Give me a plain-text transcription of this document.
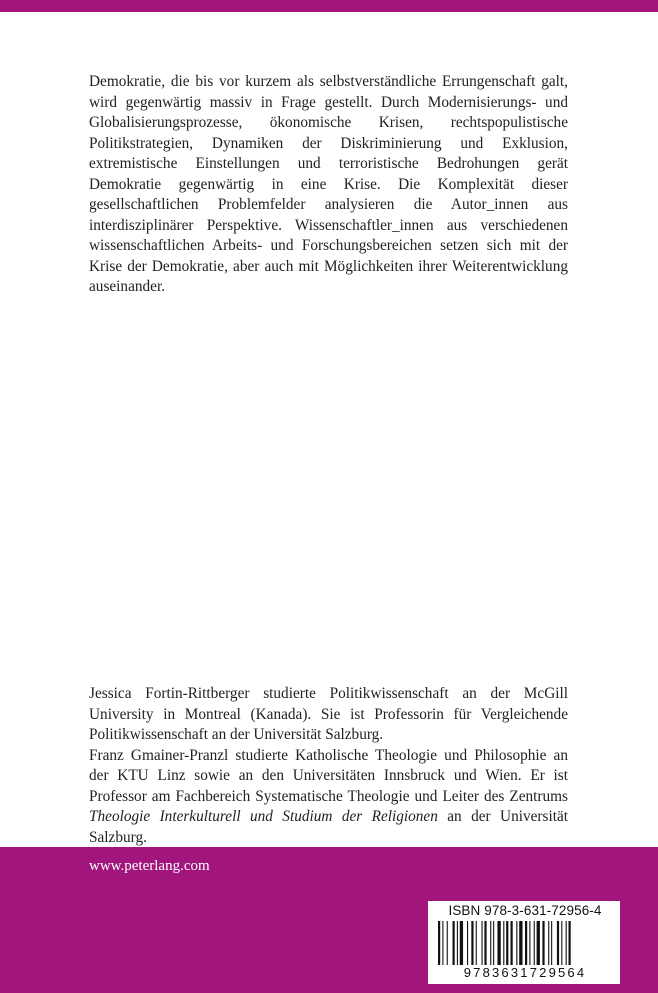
Demokratie, die bis vor kurzem als selbstverständliche Errungenschaft galt, wird gegenwärtig massiv in Frage gestellt. Durch Modernisierungs- und Globalisierungsprozesse, ökonomische Krisen, rechtspopulistische Politikstrategien, Dynamiken der Diskriminierung und Exklusion, extremistische Einstellungen und terroristische Bedrohungen gerät Demokratie gegenwärtig in eine Krise. Die Komplexität dieser gesellschaftlichen Problemfelder analysieren die Autor_innen aus interdisziplinärer Perspektive. Wissenschaftler_innen aus verschiedenen wissenschaftlichen Arbeits- und Forschungsbereichen setzen sich mit der Krise der Demokratie, aber auch mit Möglichkeiten ihrer Weiterentwicklung auseinander.

Jessica Fortin-Rittberger studierte Politikwissenschaft an der McGill University in Montreal (Kanada). Sie ist Professorin für Vergleichende Politikwissenschaft an der Universität Salzburg.

Franz Gmainer-Pranzl studierte Katholische Theologie und Philosophie an der KTU Linz sowie an den Universitäten Innsbruck und Wien. Er ist Professor am Fachbereich Systematische Theologie und Leiter des Zentrums Theologie Interkulturell und Studium der Religionen an der Universität Salzburg.

www.peterlang.com
ISBN 978-3-631-72956-4
9783631729564
